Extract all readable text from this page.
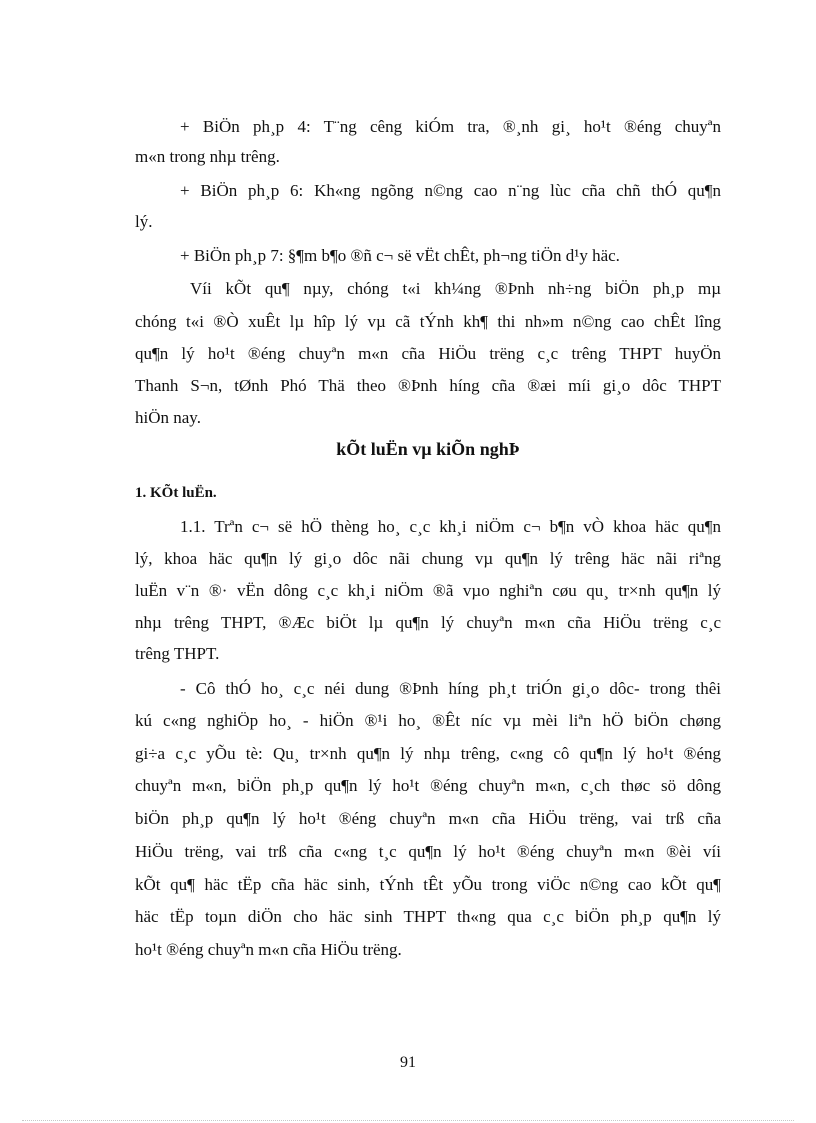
+ BiÖn ph¸p 4: T¨ng cêng kiÓm tra, ®¸nh gi¸ ho¹t ®éng chuyªn
m«n trong nhµ trêng.
+ BiÖn ph¸p 6: Kh«ng ngõng n©ng cao n¨ng lùc cña chñ thÓ qu¶n
lý.
+ BiÖn ph¸p 7: §¶m b¶o ®ñ c¬ së vËt chÊt, ph¬ng tiÖn d¹y häc.
Víi kÕt qu¶ nµy, chóng t«i kh¼ng ®Þnh nh÷ng biÖn ph¸p mµ
chóng t«i ®Ò xuÊt lµ hîp lý vµ cã tÝnh kh¶ thi nh»m n©ng cao chÊt lîng
qu¶n lý ho¹t ®éng chuyªn m«n cña HiÖu trëng c¸c trêng THPT huyÖn
Thanh S¬n, tØnh Phó Thä theo ®Þnh híng cña ®æi míi gi¸o dôc THPT
hiÖn nay.
kÕt luËn vµ kiÕn nghÞ
1. KÕt luËn.
1.1. Trªn c¬ së hÖ thèng ho¸ c¸c kh¸i niÖm c¬ b¶n vÒ khoa häc qu¶n
lý, khoa häc qu¶n lý gi¸o dôc nãi chung vµ qu¶n lý trêng häc nãi riªng
luËn v¨n ®· vËn dông c¸c kh¸i niÖm ®ã vµo nghiªn cøu qu¸ tr×nh qu¶n lý
nhµ trêng THPT, ®Æc biÖt lµ qu¶n lý chuyªn m«n cña HiÖu trëng c¸c
trêng THPT.
- Cô thÓ ho¸ c¸c néi dung ®Þnh híng ph¸t triÓn gi¸o dôc- trong thêi
kú c«ng nghiÖp ho¸ - hiÖn ®¹i ho¸ ®Êt níc vµ mèi liªn hÖ biÖn chøng
gi÷a c¸c yÕu tè: Qu¸ tr×nh qu¶n lý nhµ trêng, c«ng cô qu¶n lý ho¹t ®éng
chuyªn m«n, biÖn ph¸p qu¶n lý ho¹t ®éng chuyªn m«n, c¸ch thøc sö dông
biÖn ph¸p qu¶n lý ho¹t ®éng chuyªn m«n cña HiÖu trëng, vai trß cña
HiÖu trëng, vai trß cña c«ng t¸c qu¶n lý ho¹t ®éng chuyªn m«n ®èi víi
kÕt qu¶ häc tËp cña häc sinh, tÝnh tÊt yÕu trong viÖc n©ng cao kÕt qu¶
häc tËp toµn diÖn cho häc sinh THPT th«ng qua c¸c biÖn ph¸p qu¶n lý
ho¹t ®éng chuyªn m«n cña HiÖu trëng.
91
